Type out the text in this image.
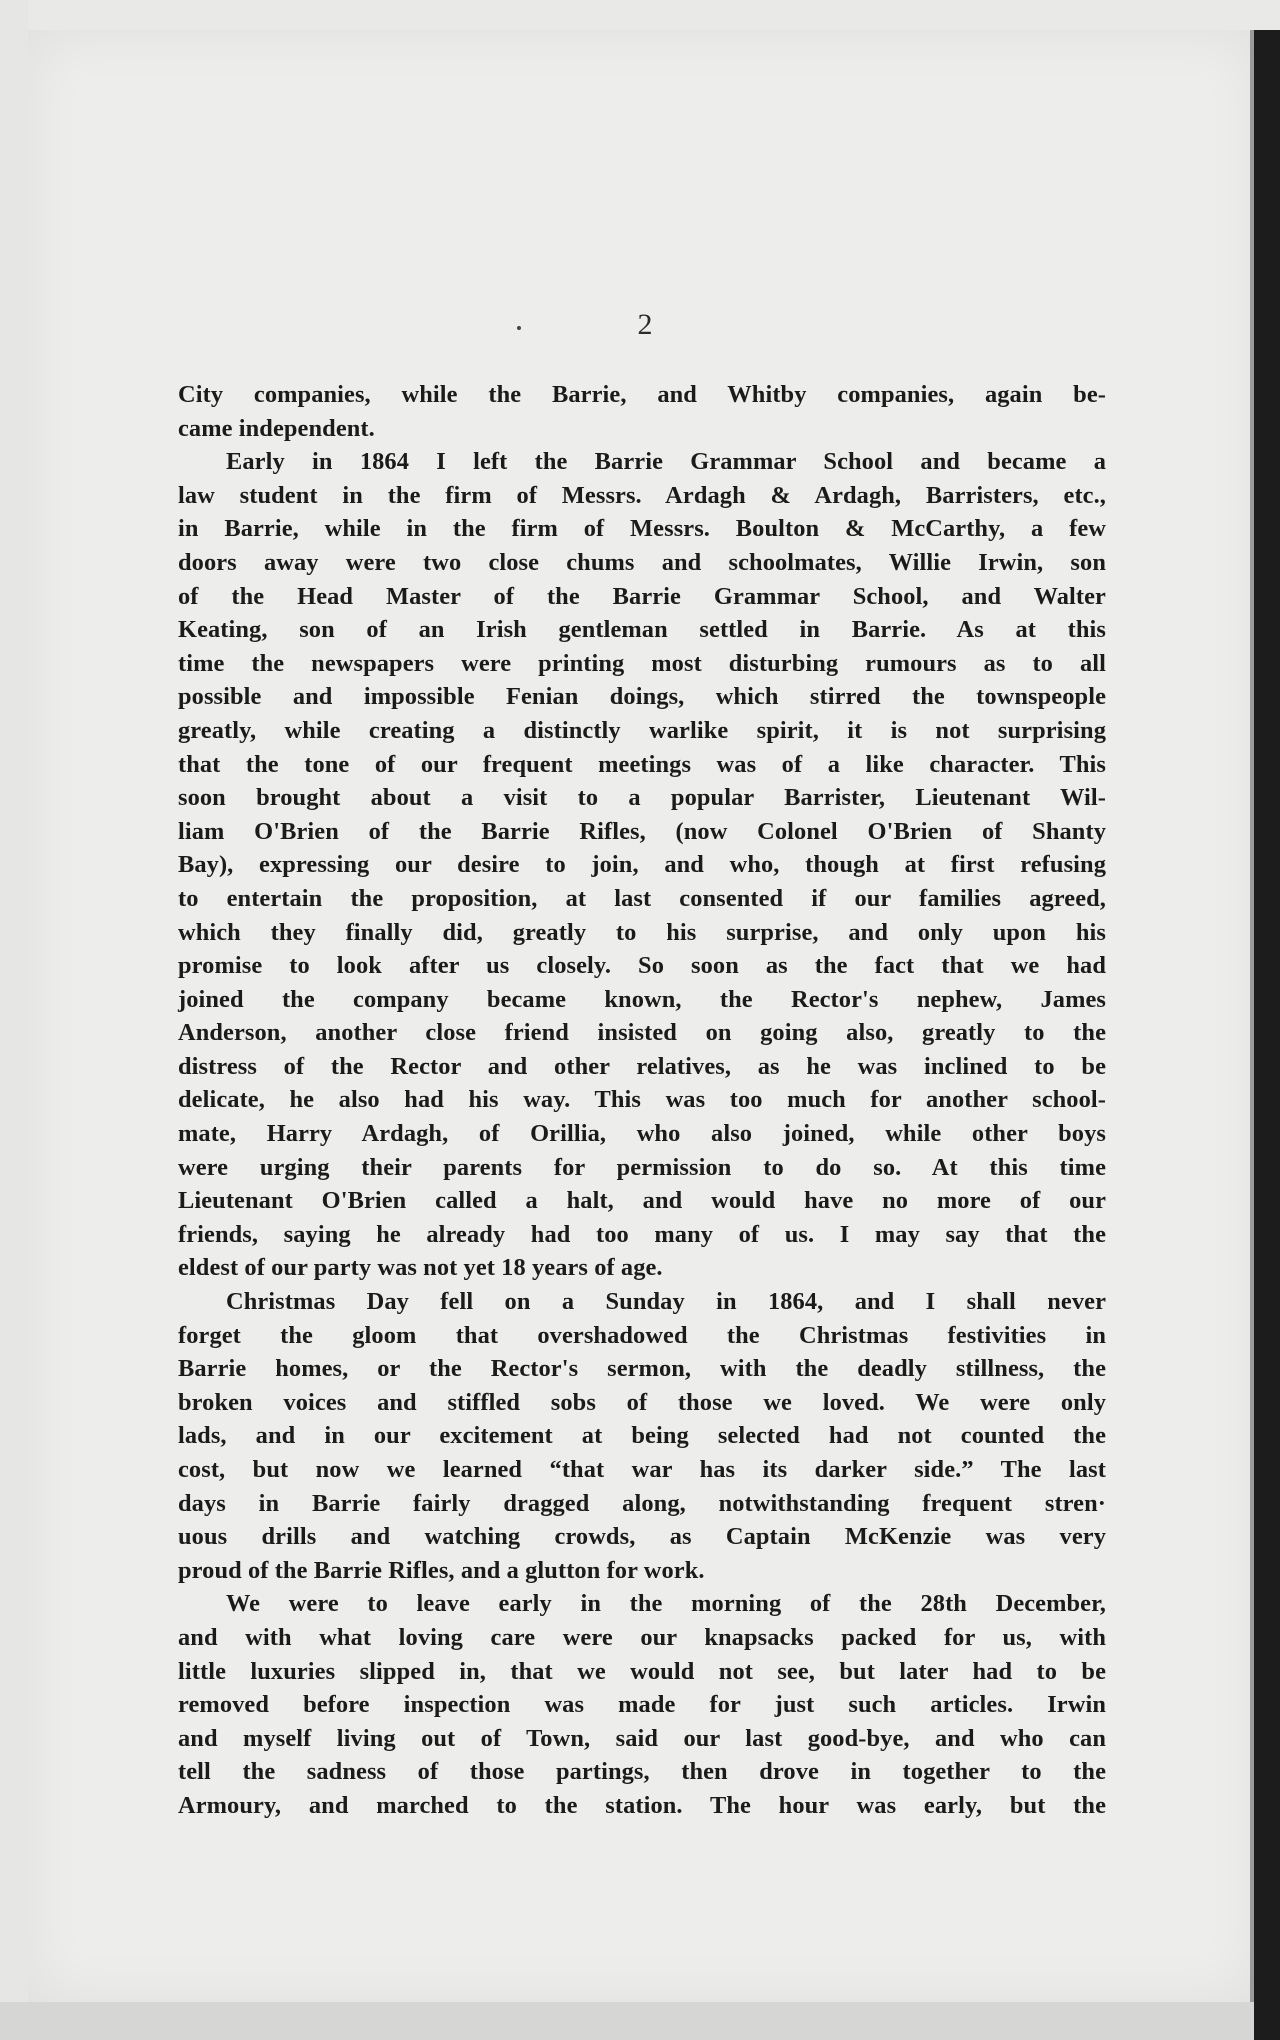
2
City companies, while the Barrie, and Whitby companies, again be-
came independent.
Early in 1864 I left the Barrie Grammar School and became a
law student in the firm of Messrs. Ardagh & Ardagh, Barristers, etc.,
in Barrie, while in the firm of Messrs. Boulton & McCarthy, a few
doors away were two close chums and schoolmates, Willie Irwin, son
of the Head Master of the Barrie Grammar School, and Walter
Keating, son of an Irish gentleman settled in Barrie. As at this
time the newspapers were printing most disturbing rumours as to all
possible and impossible Fenian doings, which stirred the townspeople
greatly, while creating a distinctly warlike spirit, it is not surprising
that the tone of our frequent meetings was of a like character. This
soon brought about a visit to a popular Barrister, Lieutenant Wil-
liam O'Brien of the Barrie Rifles, (now Colonel O'Brien of Shanty
Bay), expressing our desire to join, and who, though at first refusing
to entertain the proposition, at last consented if our families agreed,
which they finally did, greatly to his surprise, and only upon his
promise to look after us closely. So soon as the fact that we had
joined the company became known, the Rector's nephew, James
Anderson, another close friend insisted on going also, greatly to the
distress of the Rector and other relatives, as he was inclined to be
delicate, he also had his way. This was too much for another school-
mate, Harry Ardagh, of Orillia, who also joined, while other boys
were urging their parents for permission to do so. At this time
Lieutenant O'Brien called a halt, and would have no more of our
friends, saying he already had too many of us. I may say that the
eldest of our party was not yet 18 years of age.
Christmas Day fell on a Sunday in 1864, and I shall never
forget the gloom that overshadowed the Christmas festivities in
Barrie homes, or the Rector's sermon, with the deadly stillness, the
broken voices and stiffled sobs of those we loved. We were only
lads, and in our excitement at being selected had not counted the
cost, but now we learned “that war has its darker side.” The last
days in Barrie fairly dragged along, notwithstanding frequent stren·
uous drills and watching crowds, as Captain McKenzie was very
proud of the Barrie Rifles, and a glutton for work.
We were to leave early in the morning of the 28th December,
and with what loving care were our knapsacks packed for us, with
little luxuries slipped in, that we would not see, but later had to be
removed before inspection was made for just such articles. Irwin
and myself living out of Town, said our last good-bye, and who can
tell the sadness of those partings, then drove in together to the
Armoury, and marched to the station. The hour was early, but the
